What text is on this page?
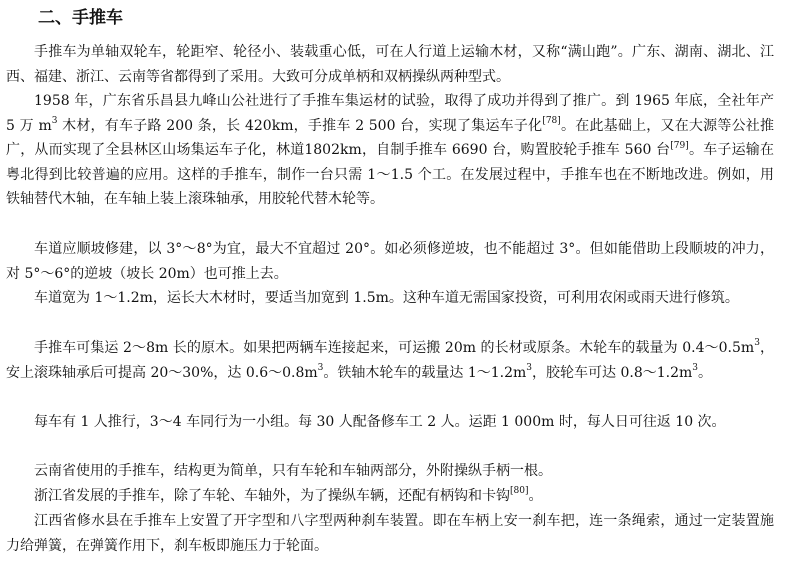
二、手推车

手推车为单轴双轮车，轮距窄、轮径小、装载重心低，可在人行道上运输木材，又称“满山跑”。广东、湖南、湖北、江西、福建、浙江、云南等省都得到了采用。大致可分成单柄和双柄操纵两种型式。

1958 年，广东省乐昌县九峰山公社进行了手推车集运材的试验，取得了成功并得到了推广。到 1965 年底，全社年产 5 万 $m^3$ 木材，有车子路 200 条，长 420km，手推车 2 500 台，实现了集运车子化[78]。在此基础上，又在大源等公社推广，从而实现了全县林区山场集运车子化，林道1802km，自制手推车 6690 台，购置胶轮手推车 560 台[79]。车子运输在粤北得到比较普遍的应用。这样的手推车，制作一台只需 1～1.5 个工。在发展过程中，手推车也在不断地改进。例如，用铁轴替代木轴，在车轴上装上滚珠轴承，用胶轮代替木轮等。

车道应顺坡修建，以 3°～8°为宜，最大不宜超过 20°。如必须修逆坡，也不能超过 3°。但如能借助上段顺坡的冲力，对 5°～6°的逆坡（坡长 20m）也可推上去。

车道宽为 1～1.2m，运长大木材时，要适当加宽到 1.5m。这种车道无需国家投资，可利用农闲或雨天进行修筑。

手推车可集运 2～8m 长的原木。如果把两辆车连接起来，可运搬 20m 的长材或原条。木轮车的载量为 $0.4\sim 0.5m^3$，安上滚珠轴承后可提高 20～30%，达 $0.6\sim 0.8m^3$。铁轴木轮车的载量达 $1\sim 1.2m^3$，胶轮车可达 $0.8\sim 1.2m^3$。

每车有 1 人推行，3～4 车同行为一小组。每 30 人配备修车工 2 人。运距 1 000m 时，每人日可往返 10 次。

云南省使用的手推车，结构更为简单，只有车轮和车轴两部分，外附操纵手柄一根。

浙江省发展的手推车，除了车轮、车轴外，为了操纵车辆，还配有柄钩和卡钩[80]。

江西省修水县在手推车上安置了开字型和八字型两种刹车装置。即在车柄上安一刹车把，连一条绳索，通过一定装置施力给弹簧，在弹簧作用下，刹车板即施压力于轮面。
